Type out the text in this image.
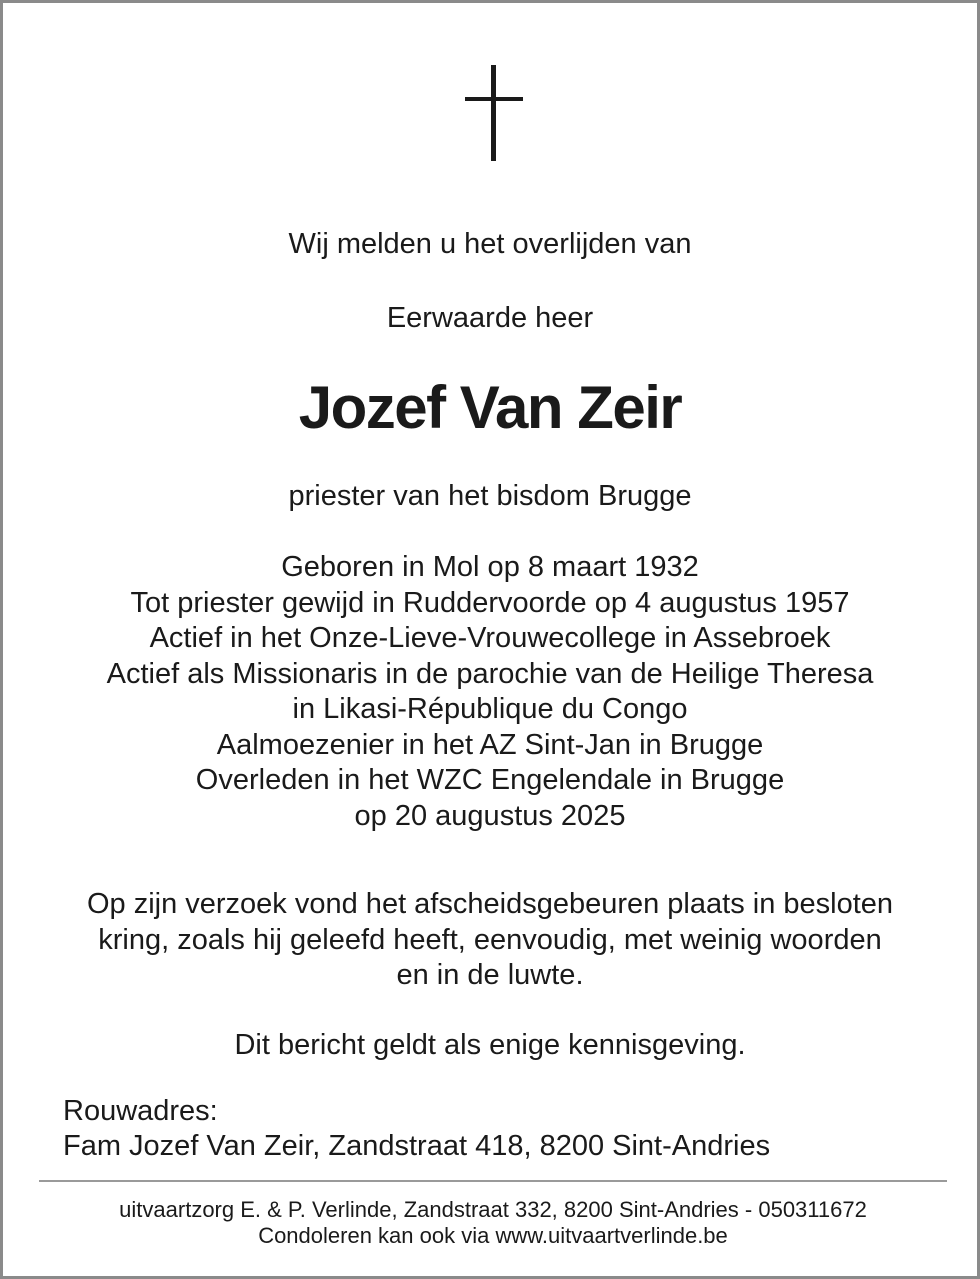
Wij melden u het overlijden van
Eerwaarde heer
Jozef Van Zeir
priester van het bisdom Brugge
Geboren in Mol op 8 maart 1932
Tot priester gewijd in Ruddervoorde op 4 augustus 1957
Actief in het Onze-Lieve-Vrouwecollege in Assebroek
Actief als Missionaris in de parochie van de Heilige Theresa
in Likasi-République du Congo
Aalmoezenier in het AZ Sint-Jan in Brugge
Overleden in het WZC Engelendale in Brugge
op 20 augustus 2025
Op zijn verzoek vond het afscheidsgebeuren plaats in besloten
kring, zoals hij geleefd heeft, eenvoudig, met weinig woorden
en in de luwte.
Dit bericht geldt als enige kennisgeving.
Rouwadres:
Fam Jozef Van Zeir, Zandstraat 418, 8200 Sint-Andries
uitvaartzorg E. & P. Verlinde, Zandstraat 332, 8200 Sint-Andries - 050311672
Condoleren kan ook via www.uitvaartverlinde.be
